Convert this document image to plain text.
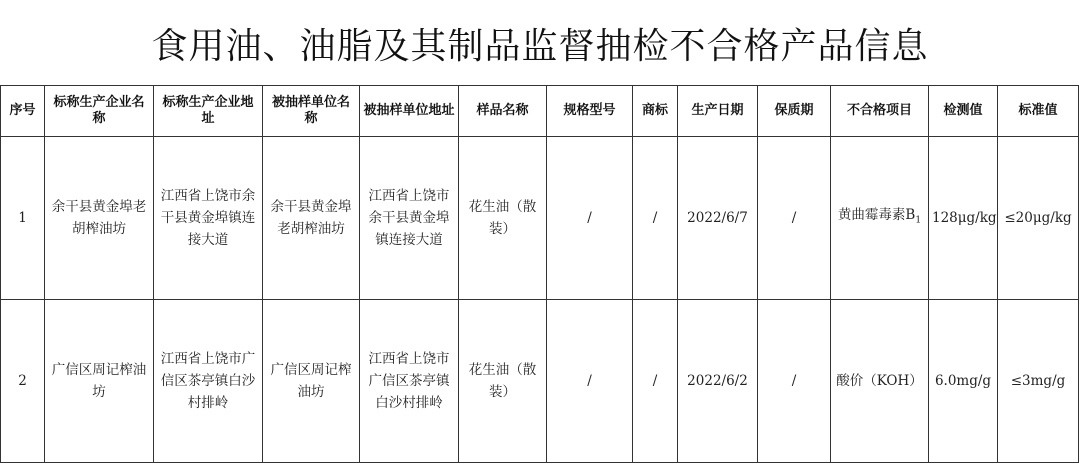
食用油、油脂及其制品监督抽检不合格产品信息
序号	标称生产企业名称	标称生产企业地址	被抽样单位名称	被抽样单位地址	样品名称	规格型号	商标	生产日期	保质期	不合格项目	检测值	标准值
1	余干县黄金埠老胡榨油坊	江西省上饶市余干县黄金埠镇连接大道	余干县黄金埠老胡榨油坊	江西省上饶市余干县黄金埠镇连接大道	花生油（散装）	/	/	2022/6/7	/	黄曲霉毒素$B_1$	128μg/kg	≤20μg/kg
2	广信区周记榨油坊	江西省上饶市广信区茶亭镇白沙村排岭	广信区周记榨油坊	江西省上饶市广信区茶亭镇白沙村排岭	花生油（散装）	/	/	2022/6/2	/	酸价（KOH）	6.0mg/g	≤3mg/g
